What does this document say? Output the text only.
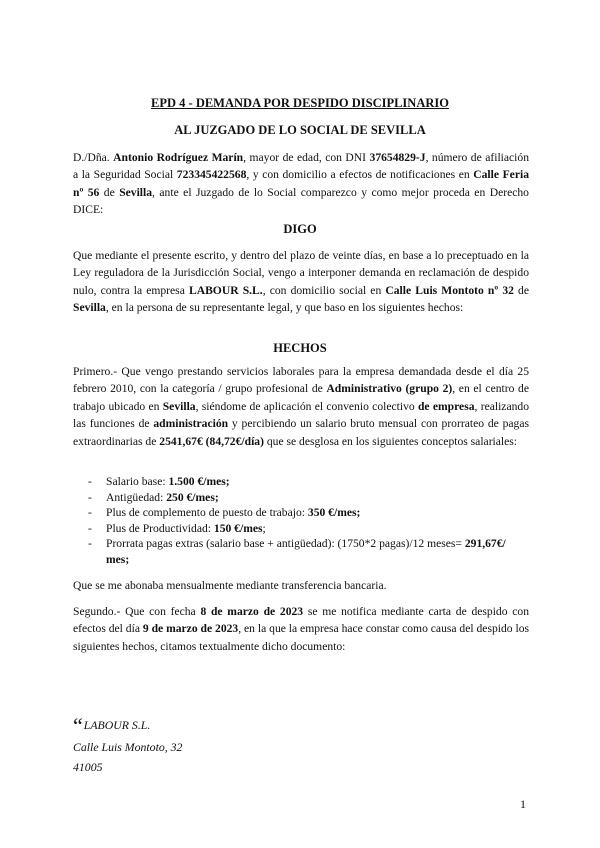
EPD 4 - DEMANDA POR DESPIDO DISCIPLINARIO
AL JUZGADO DE LO SOCIAL DE SEVILLA
D./Dña. Antonio Rodríguez Marín, mayor de edad, con DNI 37654829-J, número de afiliación a la Seguridad Social 723345422568, y con domicilio a efectos de notificaciones en Calle Feria nº 56 de Sevilla, ante el Juzgado de lo Social comparezco y como mejor proceda en Derecho DICE:
DIGO
Que mediante el presente escrito, y dentro del plazo de veinte días, en base a lo preceptuado en la Ley reguladora de la Jurisdicción Social, vengo a interponer demanda en reclamación de despido nulo, contra la empresa LABOUR S.L., con domicilio social en Calle Luis Montoto nº 32 de Sevilla, en la persona de su representante legal, y que baso en los siguientes hechos:
HECHOS
Primero.- Que vengo prestando servicios laborales para la empresa demandada desde el día 25 febrero 2010, con la categoría / grupo profesional de Administrativo (grupo 2), en el centro de trabajo ubicado en Sevilla, siéndome de aplicación el convenio colectivo de empresa, realizando las funciones de administración y percibiendo un salario bruto mensual con prorrateo de pagas extraordinarias de 2541,67€ (84,72€/día) que se desglosa en los siguientes conceptos salariales:
- Salario base: 1.500 €/mes;
- Antigüedad: 250 €/mes;
- Plus de complemento de puesto de trabajo: 350 €/mes;
- Plus de Productividad: 150 €/mes;
- Prorrata pagas extras (salario base + antigüedad): (1750*2 pagas)/12 meses= 291,67€/ mes;
Que se me abonaba mensualmente mediante transferencia bancaria.
Segundo.- Que con fecha 8 de marzo de 2023 se me notifica mediante carta de despido con efectos del día 9 de marzo de 2023, en la que la empresa hace constar como causa del despido los siguientes hechos, citamos textualmente dicho documento:
“LABOUR S.L.
Calle Luis Montoto, 32
41005
1
